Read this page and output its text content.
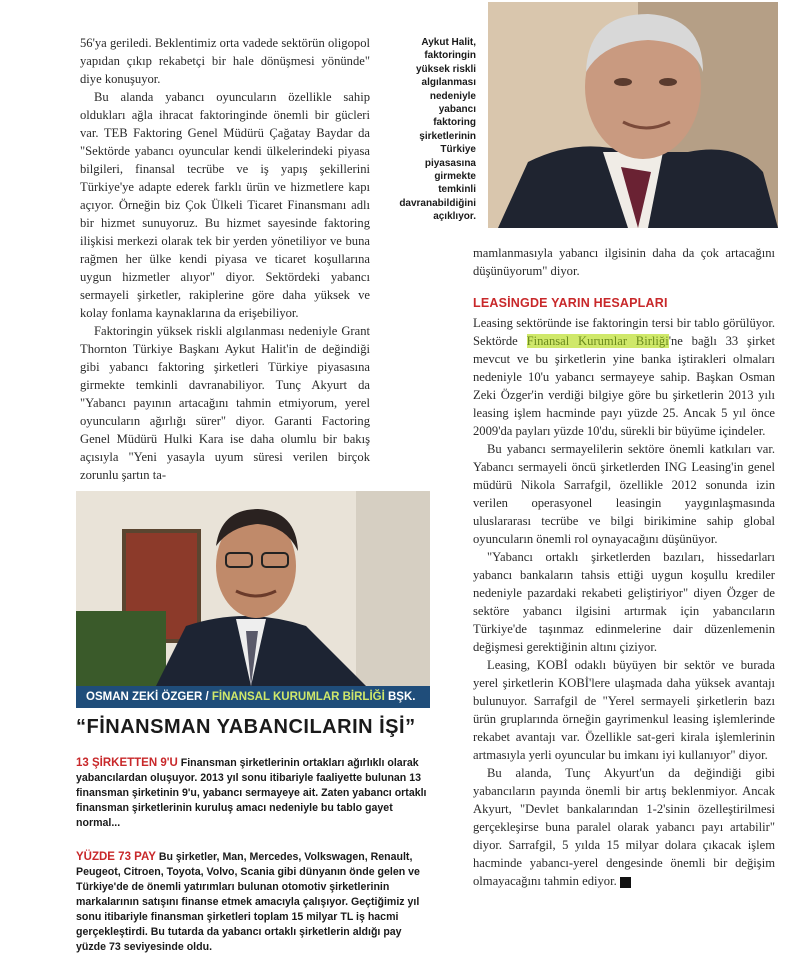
56'ya geriledi. Beklentimiz orta vadede sektörün oligopol yapıdan çıkıp rekabetçi bir hale dönüşmesi yönünde" diye konuşuyor.

Bu alanda yabancı oyuncuların özellikle sahip oldukları ağla ihracat faktoringinde önemli bir gücleri var. TEB Faktoring Genel Müdürü Çağatay Baydar da "Sektörde yabancı oyuncular kendi ülkelerindeki piyasa bilgileri, finansal tecrübe ve iş yapış şekillerini Türkiye'ye adapte ederek farklı ürün ve hizmetlere kapı açıyor. Örneğin biz Çok Ülkeli Ticaret Finansmanı adlı bir hizmet sunuyoruz. Bu hizmet sayesinde faktoring ilişkisi merkezi olarak tek bir yerden yönetiliyor ve buna rağmen her ülke kendi piyasa ve ticaret koşullarına uygun hizmetler alıyor" diyor. Sektördeki yabancı sermayeli şirketler, rakiplerine göre daha yüksek ve kolay fonlama kaynaklarına da erişebiliyor.

Faktoringin yüksek riskli algılanması nedeniyle Grant Thornton Türkiye Başkanı Aykut Halit'in de değindiği gibi yabancı faktoring şirketleri Türkiye piyasasına girmekte temkinli davranabiliyor. Tunç Akyurt da "Yabancı payının artacağını tahmin etmiyorum, yerel oyuncuların ağırlığı sürer" diyor. Garanti Factoring Genel Müdürü Hulki Kara ise daha olumlu bir bakış açısıyla "Yeni yasayla uyum süresi verilen birçok zorunlu şartın ta-

Aykut Halit, faktoringin yüksek riskli algılanması nedeniyle yabancı faktoring şirketlerinin Türkiye piyasasına girmekte temkinli davranabildiğini açıklıyor.

mamlanmasıyla yabancı ilgisinin daha da çok artacağını düşünüyorum" diyor.

LEASİNGDE YARIN HESAPLARI

Leasing sektöründe ise faktoringin tersi bir tablo görülüyor. Sektörde Finansal Kurumlar Birliği'ne bağlı 33 şirket mevcut ve bu şirketlerin yine banka iştirakleri olmaları nedeniyle 10'u yabancı sermayeye sahip. Başkan Osman Zeki Özger'in verdiği bilgiye göre bu şirketlerin 2013 yılı leasing işlem hacminde payı yüzde 25. Ancak 5 yıl önce 2009'da payları yüzde 10'du, sürekli bir büyüme içindeler.

Bu yabancı sermayelilerin sektöre önemli katkıları var. Yabancı sermayeli öncü şirketlerden ING Leasing'in genel müdürü Nikola Sarrafgil, özellikle 2012 sonunda izin verilen operasyonel leasingin yaygınlaşmasında uluslararası tecrübe ve bilgi birikimine sahip global oyuncuların önemli rol oynayacağını düşünüyor.

"Yabancı ortaklı şirketlerden bazıları, hissedarları yabancı bankaların tahsis ettiği uygun koşullu krediler nedeniyle pazardaki rekabeti geliştiriyor" diyen Özger de sektöre yabancı ilgisini artırmak için yabancıların Türkiye'de taşınmaz edinmelerine dair düzenlemenin değişmesi gerektiğinin altını çiziyor.

Leasing, KOBİ odaklı büyüyen bir sektör ve burada yerel şirketlerin KOBİ'lere ulaşmada daha yüksek avantajı bulunuyor. Sarrafgil de "Yerel sermayeli şirketlerin bazı ürün gruplarında örneğin gayrimenkul leasing işlemlerinde rekabet avantajı var. Özellikle sat-geri kirala işlemlerinin artmasıyla yerli oyuncular bu imkanı iyi kullanıyor" diyor.

Bu alanda, Tunç Akyurt'un da değindiği gibi yabancıların payında önemli bir artış beklenmiyor. Ancak Akyurt, "Devlet bankalarından 1-2'sinin özelleştirilmesi gerçekleşirse buna paralel olarak yabancı payı artabilir" diyor. Sarrafgil, 5 yılda 15 milyar dolara çıkacak işlem hacminde yabancı-yerel dengesinde önemli bir değişim olmayacağını tahmin ediyor. C

OSMAN ZEKİ ÖZGER / FİNANSAL KURUMLAR BİRLİĞİ BŞK.
“FİNANSMAN YABANCILARIN İŞİ”
13 ŞİRKETTEN 9'U Finansman şirketlerinin ortakları ağırlıklı olarak yabancılardan oluşuyor. 2013 yıl sonu itibariyle faaliyette bulunan 13 finansman şirketinin 9'u, yabancı sermayeye ait. Zaten yabancı ortaklı finansman şirketlerinin kuruluş amacı nedeniyle bu tablo gayet normal...
YÜZDE 73 PAY Bu şirketler, Man, Mercedes, Volkswagen, Renault, Peugeot, Citroen, Toyota, Volvo, Scania gibi dünyanın önde gelen ve Türkiye'de de önemli yatırımları bulunan otomotiv şirketlerinin markalarının satışını finanse etmek amacıyla çalışıyor. Geçtiğimiz yıl sonu itibariyle finansman şirketleri toplam 15 milyar TL iş hacmi gerçekleştirdi. Bu tutarda da yabancı ortaklı şirketlerin aldığı pay yüzde 73 seviyesinde oldu.
